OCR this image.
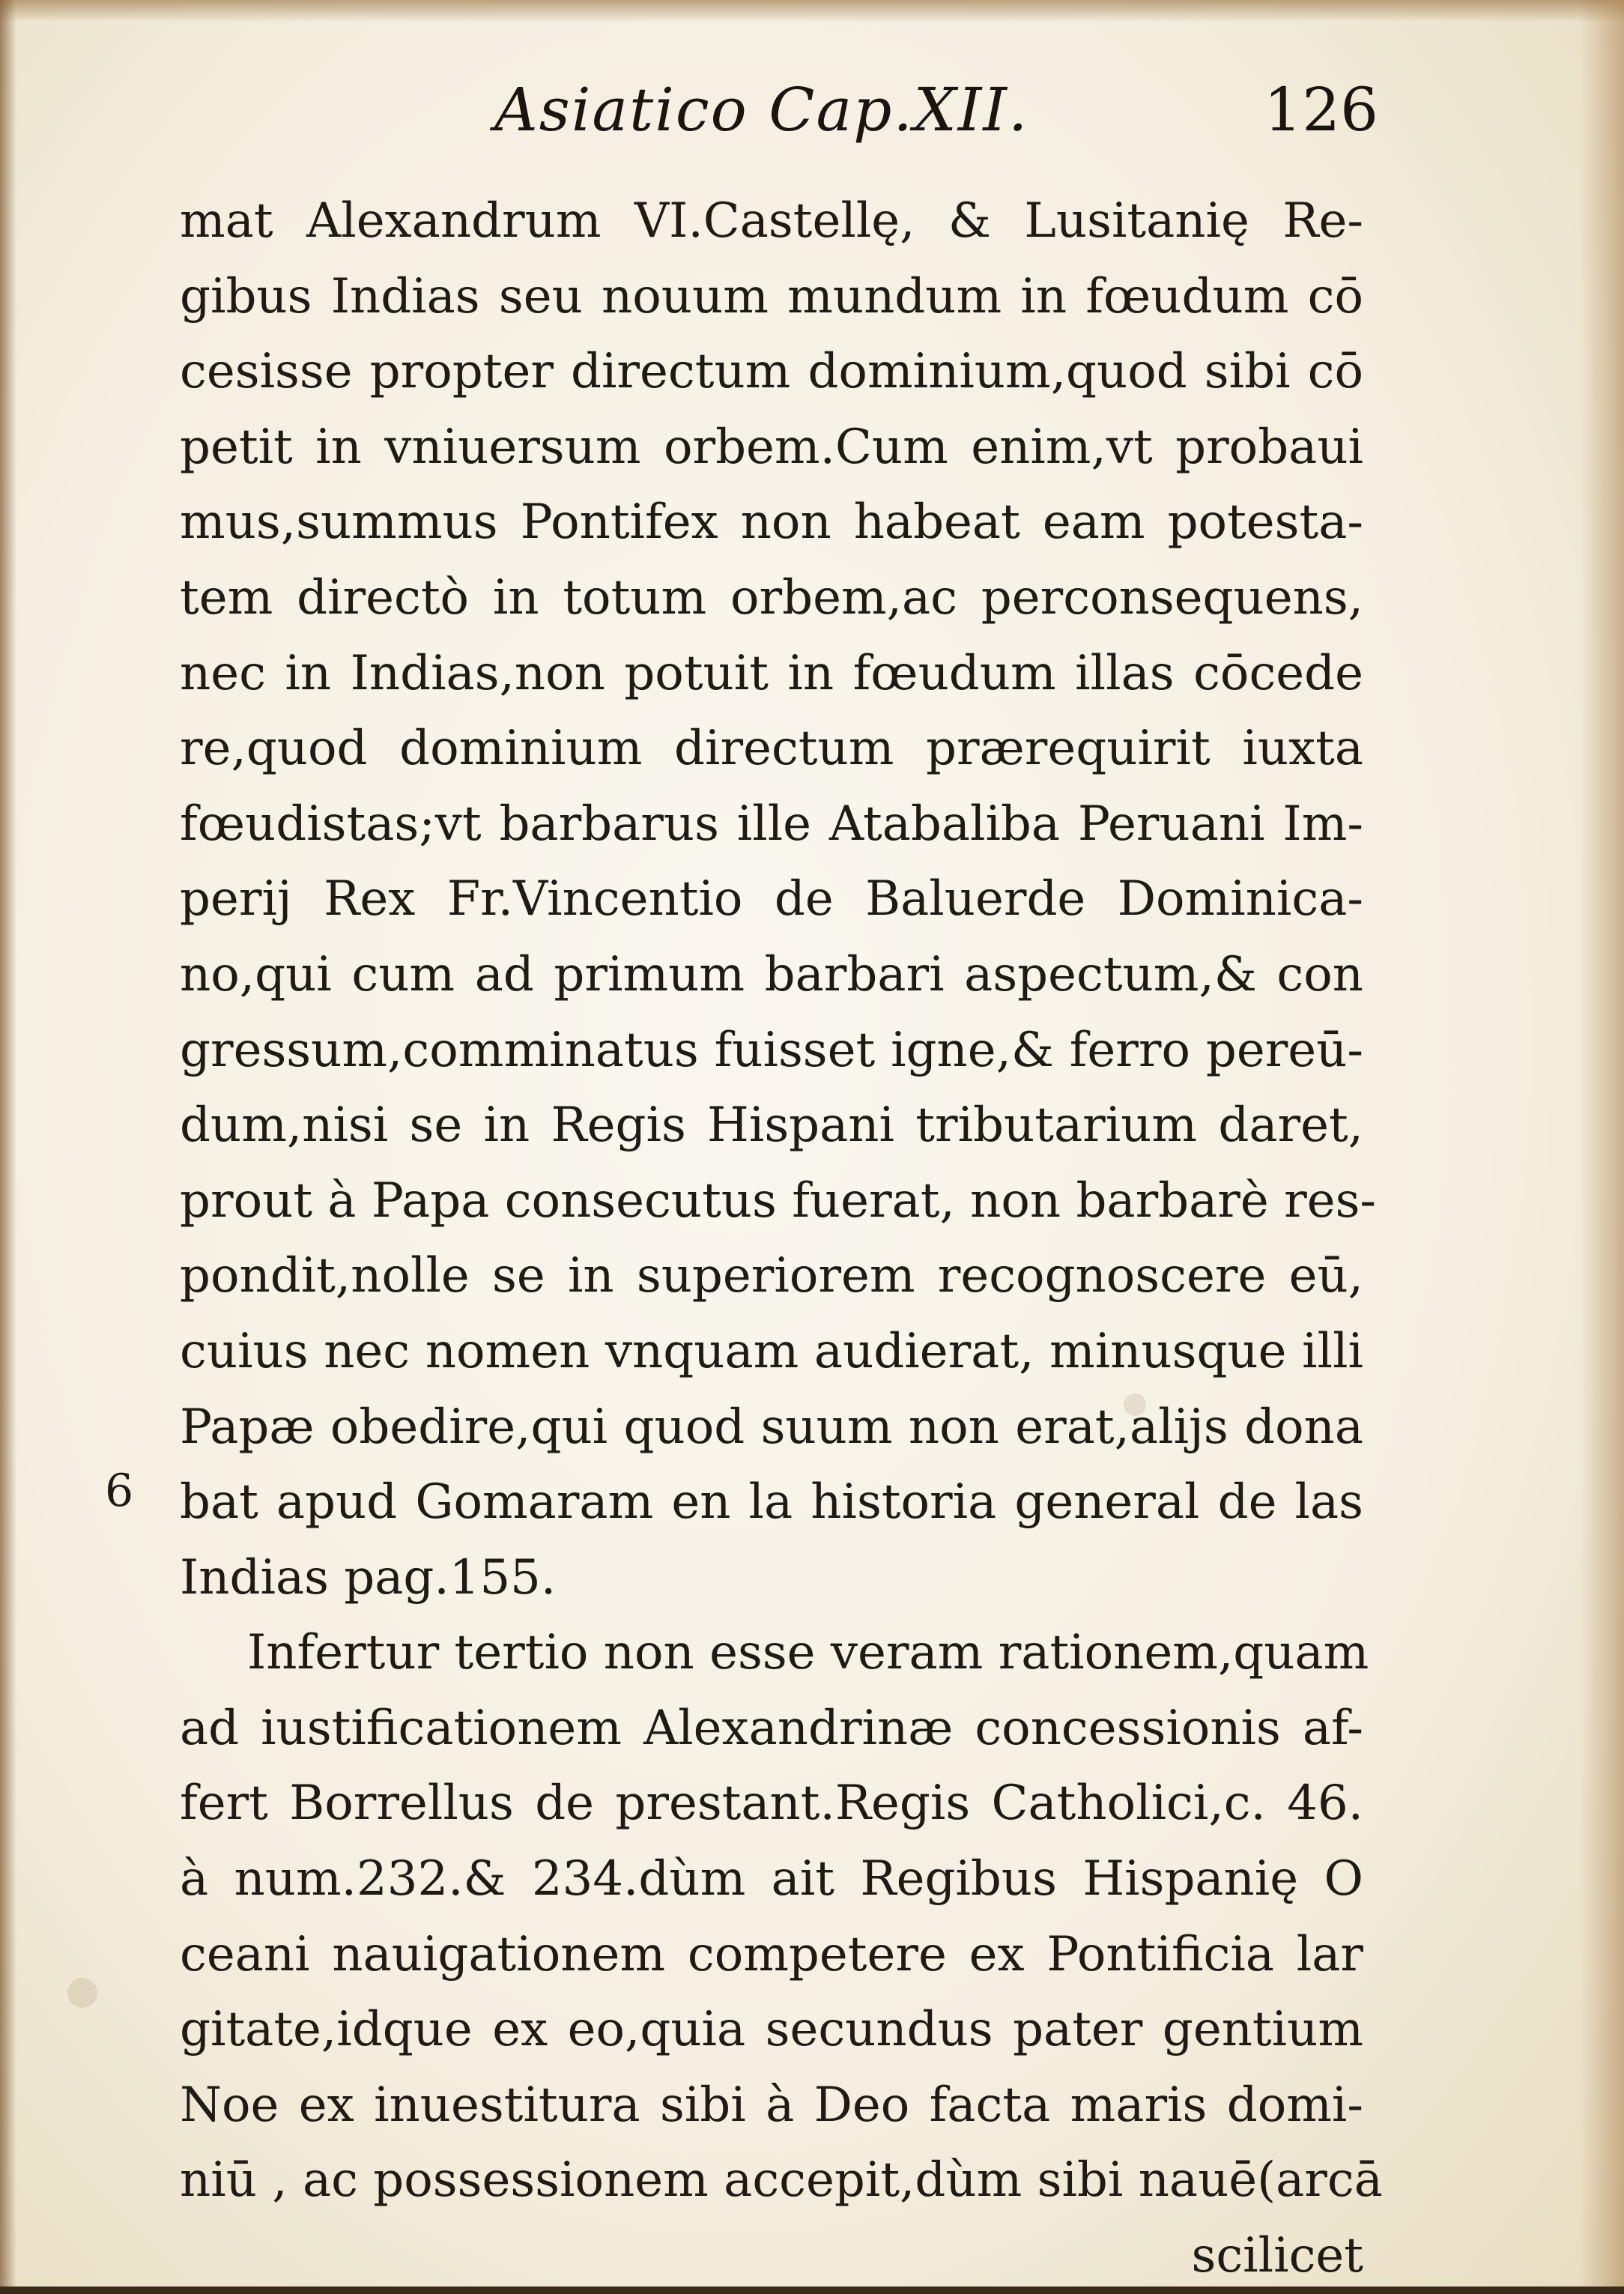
Asiatico Cap.XII.	126
6
mat Alexandrum VI.Castellę, & Lusitanię Re-
gibus Indias seu nouum mundum in fœudum cō
cesisse propter directum dominium,quod sibi cō
petit in vniuersum orbem.Cum enim,vt probaui
mus,summus Pontifex non habeat eam potesta-
tem directò in totum orbem,ac perconsequens,
nec in Indias,non potuit in fœudum illas cōcede
re,quod dominium directum prærequirit iuxta
fœudistas;vt barbarus ille Atabaliba Peruani Im-
perij Rex Fr.Vincentio de Baluerde Dominica-
no,qui cum ad primum barbari aspectum,& con
gressum,comminatus fuisset igne,& ferro pereū-
dum,nisi se in Regis Hispani tributarium daret,
prout à Papa consecutus fuerat, non barbarè res-
pondit,nolle se in superiorem recognoscere eū,
cuius nec nomen vnquam audierat, minusque illi
Papæ obedire,qui quod suum non erat,alijs dona
bat apud Gomaram en la historia general de las
Indias pag.155.
Infertur tertio non esse veram rationem,quam
ad iustificationem Alexandrinæ concessionis af-
fert Borrellus de prestant.Regis Catholici,c. 46.
à num.232.& 234.dùm ait Regibus Hispanię O
ceani nauigationem competere ex Pontificia lar
gitate,idque ex eo,quia secundus pater gentium
Noe ex inuestitura sibi à Deo facta maris domi-
niū , ac possessionem accepit,dùm sibi nauē(arcā
scilicet
